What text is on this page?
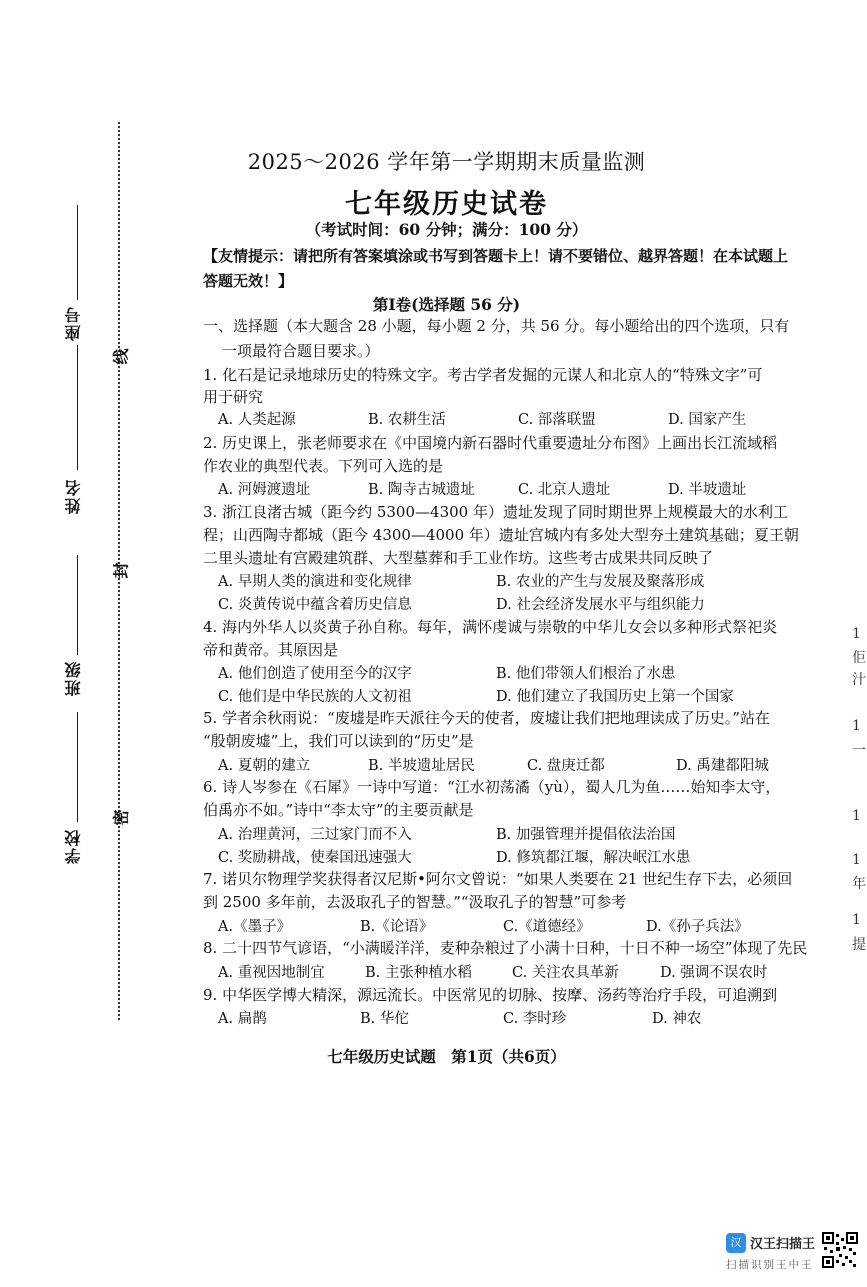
座号
姓名
班级
学校
线
封
密
2025～2026 学年第一学期期末质量监测
七年级历史试卷
（考试时间：60 分钟；满分：100 分）
【友情提示：请把所有答案填涂或书写到答题卡上！请不要错位、越界答题！在本试题上
答题无效！】
第Ⅰ卷(选择题 56 分)
一、选择题（本大题含 28 小题，每小题 2 分，共 56 分。每小题给出的四个选项，只有
一项最符合题目要求。）
1. 化石是记录地球历史的特殊文字。考古学者发掘的元谋人和北京人的“特殊文字”可
用于研究
A. 人类起源	B. 农耕生活	C. 部落联盟	D. 国家产生
2. 历史课上，张老师要求在《中国境内新石器时代重要遗址分布图》上画出长江流域稻
作农业的典型代表。下列可入选的是
A. 河姆渡遗址	B. 陶寺古城遗址	C. 北京人遗址	D. 半坡遗址
3. 浙江良渚古城（距今约 5300—4300 年）遗址发现了同时期世界上规模最大的水利工
程；山西陶寺都城（距今 4300—4000 年）遗址宫城内有多处大型夯土建筑基础；夏王朝
二里头遗址有宫殿建筑群、大型墓葬和手工业作坊。这些考古成果共同反映了
A. 早期人类的演进和变化规律	B. 农业的产生与发展及聚落形成
C. 炎黄传说中蕴含着历史信息	D. 社会经济发展水平与组织能力
4. 海内外华人以炎黄子孙自称。每年，满怀虔诚与崇敬的中华儿女会以多种形式祭祀炎
帝和黄帝。其原因是
A. 他们创造了使用至今的汉字	B. 他们带领人们根治了水患
C. 他们是中华民族的人文初祖	D. 他们建立了我国历史上第一个国家
5. 学者余秋雨说：“废墟是昨天派往今天的使者，废墟让我们把地理读成了历史。”站在
“殷朝废墟”上，我们可以读到的“历史”是
A. 夏朝的建立	B. 半坡遗址居民	C. 盘庚迁都	D. 禹建都阳城
6. 诗人岑参在《石犀》一诗中写道：“江水初荡潏（yù），蜀人几为鱼……始知李太守，
伯禹亦不如。”诗中“李太守”的主要贡献是
A. 治理黄河，三过家门而不入	B. 加强管理并提倡依法治国
C. 奖励耕战，使秦国迅速强大	D. 修筑都江堰，解决岷江水患
7. 诺贝尔物理学奖获得者汉尼斯•阿尔文曾说：“如果人类要在 21 世纪生存下去，必须回
到 2500 多年前，去汲取孔子的智慧。”“汲取孔子的智慧”可参考
A.《墨子》	B.《论语》	C.《道德经》	D.《孙子兵法》
8. 二十四节气谚语，“小满暖洋洋，麦种杂粮过了小满十日种，十日不种一场空”体现了先民
A. 重视因地制宜	B. 主张种植水稻	C. 关注农具革新	D. 强调不误农时
9. 中华医学博大精深，源远流长。中医常见的切脉、按摩、汤药等治疗手段，可追溯到
A. 扁鹊	B. 华佗	C. 李时珍	D. 神农
七年级历史试题　第1页（共6页）
1
佢
汁
1
一
1
1
年
1
提
汉 汉王扫描王
扫描识别王中王
